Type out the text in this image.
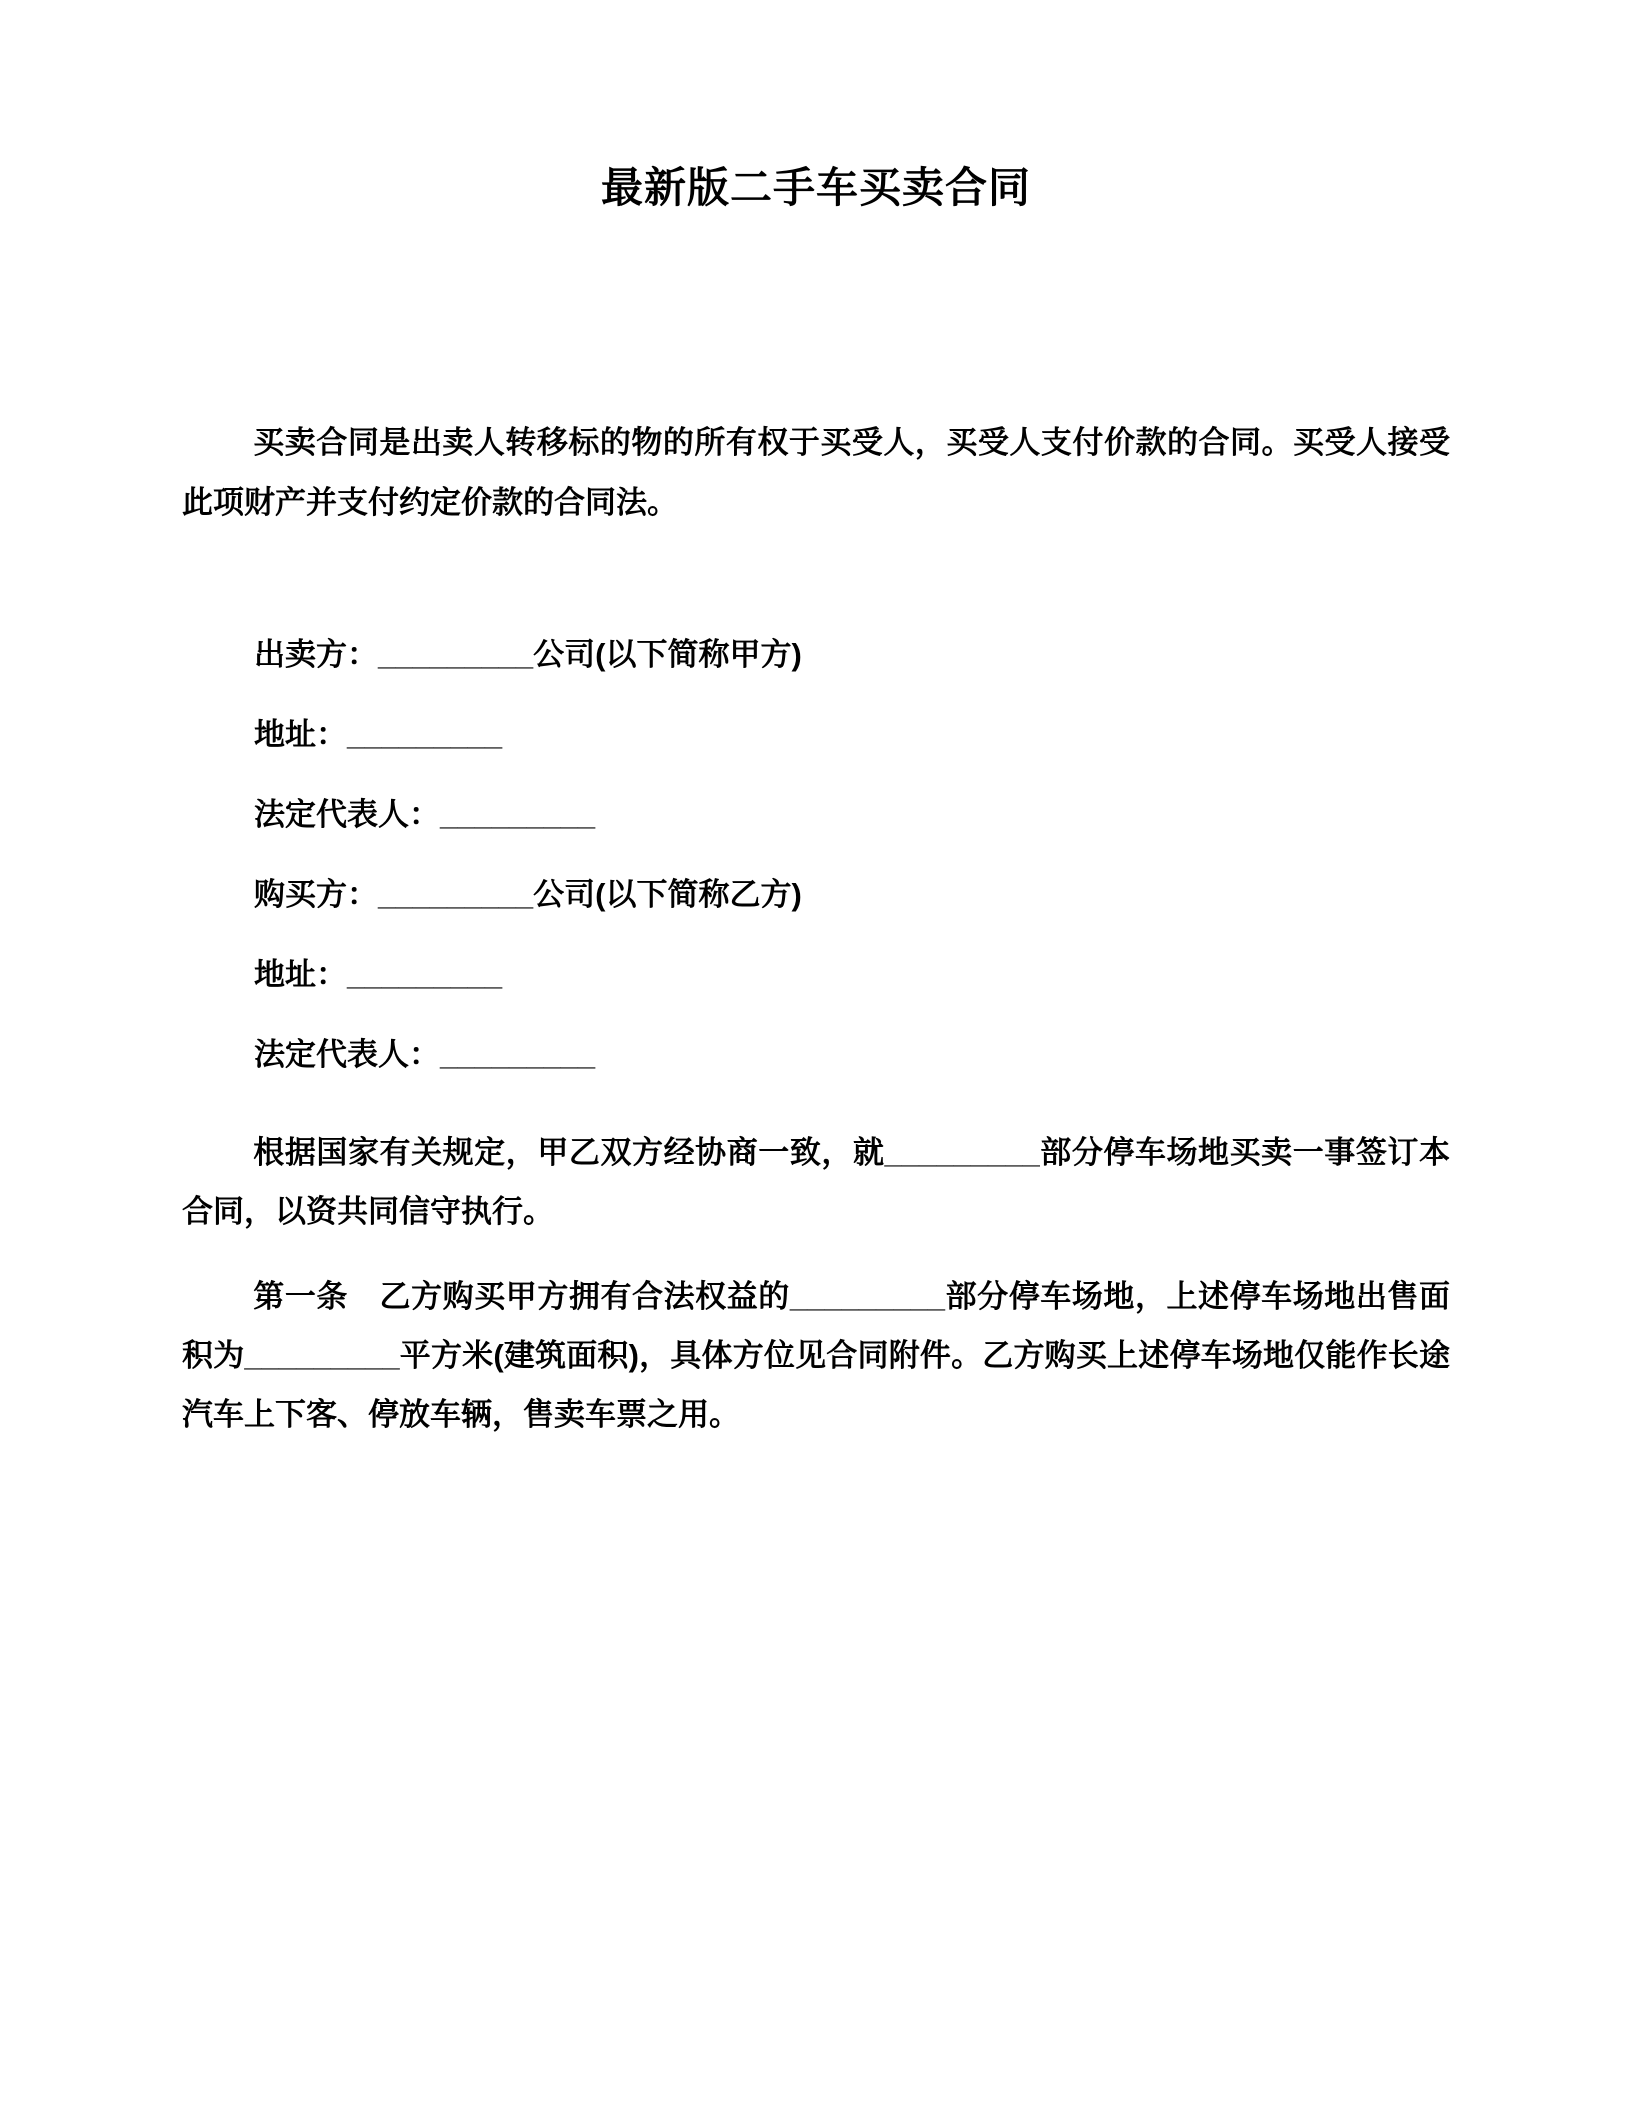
最新版二手车买卖合同

买卖合同是出卖人转移标的物的所有权于买受人，买受人支付价款的合同。买受人接受此项财产并支付约定价款的合同法。

出卖方：_________公司(以下简称甲方)

地址：_________

法定代表人：_________

购买方：_________公司(以下简称乙方)

地址：_________

法定代表人：_________

根据国家有关规定，甲乙双方经协商一致，就_________部分停车场地买卖一事签订本合同，以资共同信守执行。

第一条　乙方购买甲方拥有合法权益的_________部分停车场地，上述停车场地出售面积为_________平方米(建筑面积)，具体方位见合同附件。乙方购买上述停车场地仅能作长途汽车上下客、停放车辆，售卖车票之用。
